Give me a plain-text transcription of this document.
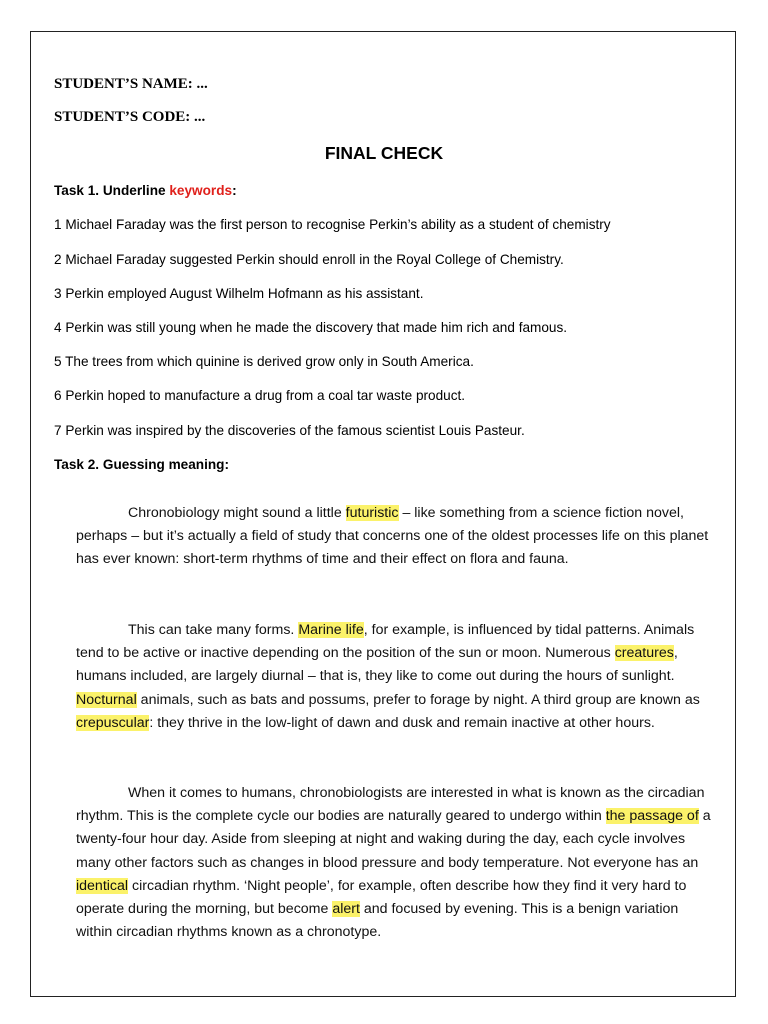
STUDENT’S NAME: ...
STUDENT’S CODE: ...
FINAL CHECK
Task 1. Underline keywords:
1 Michael Faraday was the first person to recognise Perkin’s ability as a student of chemistry
2 Michael Faraday suggested Perkin should enroll in the Royal College of Chemistry.
3 Perkin employed August Wilhelm Hofmann as his assistant.
4 Perkin was still young when he made the discovery that made him rich and famous.
5 The trees from which quinine is derived grow only in South America.
6 Perkin hoped to manufacture a drug from a coal tar waste product.
7 Perkin was inspired by the discoveries of the famous scientist Louis Pasteur.
Task 2. Guessing meaning:

Chronobiology might sound a little futuristic – like something from a science fiction novel, perhaps – but it’s actually a field of study that concerns one of the oldest processes life on this planet has ever known: short-term rhythms of time and their effect on flora and fauna.

This can take many forms. Marine life, for example, is influenced by tidal patterns. Animals tend to be active or inactive depending on the position of the sun or moon. Numerous creatures, humans included, are largely diurnal – that is, they like to come out during the hours of sunlight. Nocturnal animals, such as bats and possums, prefer to forage by night. A third group are known as crepuscular: they thrive in the low-light of dawn and dusk and remain inactive at other hours.

When it comes to humans, chronobiologists are interested in what is known as the circadian rhythm. This is the complete cycle our bodies are naturally geared to undergo within the passage of a twenty-four hour day. Aside from sleeping at night and waking during the day, each cycle involves many other factors such as changes in blood pressure and body temperature. Not everyone has an identical circadian rhythm. ‘Night people’, for example, often describe how they find it very hard to operate during the morning, but become alert and focused by evening. This is a benign variation within circadian rhythms known as a chronotype.
